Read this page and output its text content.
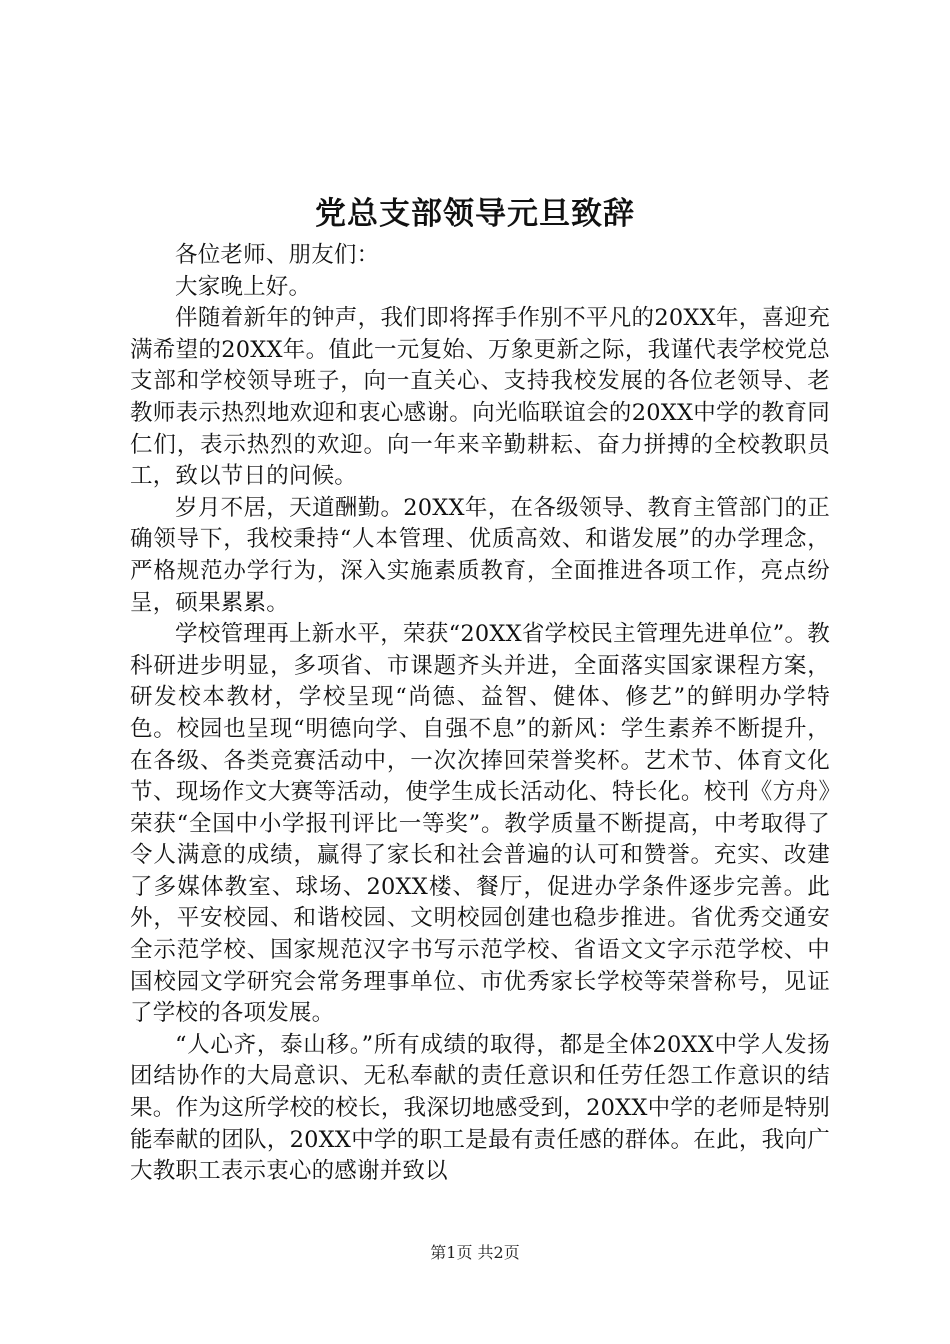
党总支部领导元旦致辞

各位老师、朋友们：

大家晚上好。

伴随着新年的钟声，我们即将挥手作别不平凡的20XX年，喜迎充满希望的20XX年。值此一元复始、万象更新之际，我谨代表学校党总支部和学校领导班子，向一直关心、支持我校发展的各位老领导、老教师表示热烈地欢迎和衷心感谢。向光临联谊会的20XX中学的教育同仁们，表示热烈的欢迎。向一年来辛勤耕耘、奋力拼搏的全校教职员工，致以节日的问候。

岁月不居，天道酬勤。20XX年，在各级领导、教育主管部门的正确领导下，我校秉持“人本管理、优质高效、和谐发展”的办学理念，严格规范办学行为，深入实施素质教育，全面推进各项工作，亮点纷呈，硕果累累。

学校管理再上新水平，荣获“20XX省学校民主管理先进单位”。教科研进步明显，多项省、市课题齐头并进，全面落实国家课程方案，研发校本教材，学校呈现“尚德、益智、健体、修艺”的鲜明办学特色。校园也呈现“明德向学、自强不息”的新风：学生素养不断提升，在各级、各类竞赛活动中，一次次捧回荣誉奖杯。艺术节、体育文化节、现场作文大赛等活动，使学生成长活动化、特长化。校刊《方舟》荣获“全国中小学报刊评比一等奖”。教学质量不断提高，中考取得了令人满意的成绩，赢得了家长和社会普遍的认可和赞誉。充实、改建了多媒体教室、球场、20XX楼、餐厅，促进办学条件逐步完善。此外，平安校园、和谐校园、文明校园创建也稳步推进。省优秀交通安全示范学校、国家规范汉字书写示范学校、省语文文字示范学校、中国校园文学研究会常务理事单位、市优秀家长学校等荣誉称号，见证了学校的各项发展。

“人心齐，泰山移。”所有成绩的取得，都是全体20XX中学人发扬团结协作的大局意识、无私奉献的责任意识和任劳任怨工作意识的结果。作为这所学校的校长，我深切地感受到，20XX中学的老师是特别能奉献的团队，20XX中学的职工是最有责任感的群体。在此，我向广大教职工表示衷心的感谢并致以

第1页 共2页
